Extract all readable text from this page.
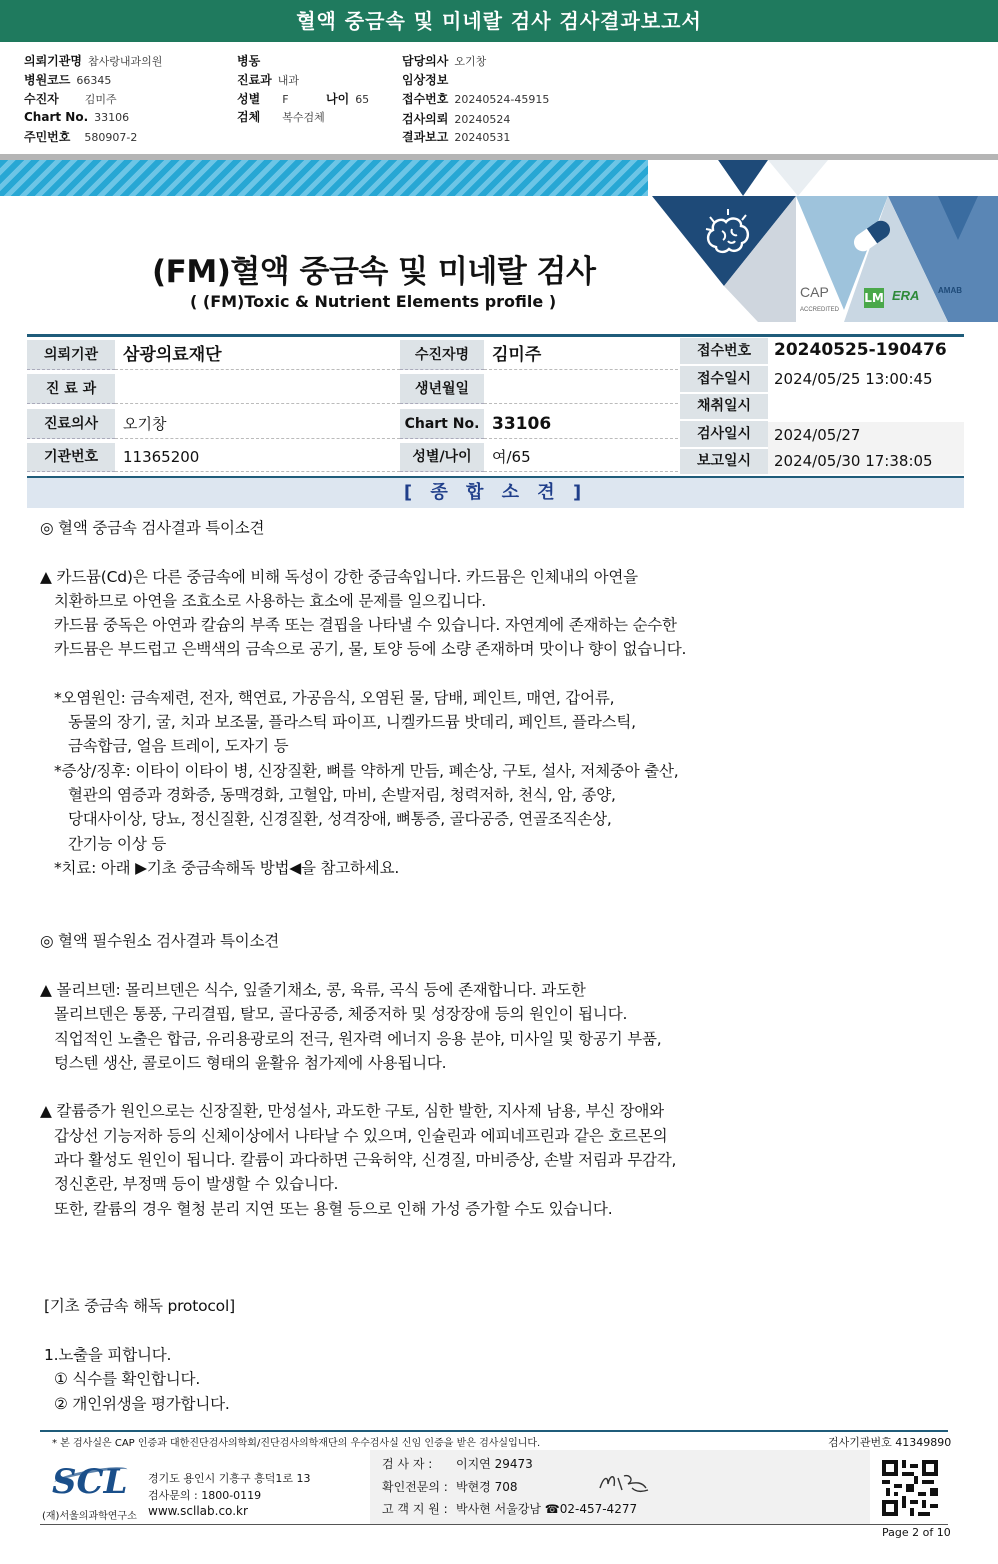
혈액 중금속 및 미네랄 검사 검사결과보고서
의뢰기관명 참사랑내과의원
병원코드 66345
수진자 김미주
Chart No. 33106
주민번호 580907-2
병동
진료과 내과
성별 F	나이 65
검체 복수검체
담당의사 오기창
임상정보
접수번호 20240524-45915
검사의뢰 20240524
결과보고 20240531
CAP
ACCREDITED
LM ERA AMAB
(FM)혈액 중금속 및 미네랄 검사
( (FM)Toxic & Nutrient Elements profile )
의뢰기관	삼광의료재단
진 료 과
진료의사	오기창
기관번호	11365200
수진자명	김미주
생년월일
Chart No. 33106
성별/나이	여/65
접수번호	20240525-190476
접수일시	2024/05/25 13:00:45
채취일시
검사일시	2024/05/27
보고일시	2024/05/30 17:38:05
[ 종 합 소 견 ]
◎ 혈액 중금속 검사결과 특이소견
▲ 카드뮴(Cd)은 다른 중금속에 비해 독성이 강한 중금속입니다. 카드뮴은 인체내의 아연을
치환하므로 아연을 조효소로 사용하는 효소에 문제를 일으킵니다.
카드뮴 중독은 아연과 칼슘의 부족 또는 결핍을 나타낼 수 있습니다. 자연계에 존재하는 순수한
카드뮴은 부드럽고 은백색의 금속으로 공기, 물, 토양 등에 소량 존재하며 맛이나 향이 없습니다.
*오염원인: 금속제련, 전자, 핵연료, 가공음식, 오염된 물, 담배, 페인트, 매연, 갑어류,
동물의 장기, 굴, 치과 보조물, 플라스틱 파이프, 니켈카드뮴 밧데리, 페인트, 플라스틱,
금속합금, 얼음 트레이, 도자기 등
*증상/징후: 이타이 이타이 병, 신장질환, 뼈를 약하게 만듬, 폐손상, 구토, 설사, 저체중아 출산,
혈관의 염증과 경화증, 동맥경화, 고혈압, 마비, 손발저림, 청력저하, 천식, 암, 종양,
당대사이상, 당뇨, 정신질환, 신경질환, 성격장애, 뼈통증, 골다공증, 연골조직손상,
간기능 이상 등
*치료: 아래 ▶기초 중금속해독 방법◀을 참고하세요.
◎ 혈액 필수원소 검사결과 특이소견
▲ 몰리브덴: 몰리브덴은 식수, 잎줄기채소, 콩, 육류, 곡식 등에 존재합니다. 과도한
몰리브덴은 통풍, 구리결핍, 탈모, 골다공증, 체중저하 및 성장장애 등의 원인이 됩니다.
직업적인 노출은 합금, 유리용광로의 전극, 원자력 에너지 응용 분야, 미사일 및 항공기 부품,
텅스텐 생산, 콜로이드 형태의 윤활유 첨가제에 사용됩니다.
▲ 칼륨증가 원인으로는 신장질환, 만성설사, 과도한 구토, 심한 발한, 지사제 남용, 부신 장애와
갑상선 기능저하 등의 신체이상에서 나타날 수 있으며, 인슐린과 에피네프린과 같은 호르몬의
과다 활성도 원인이 됩니다. 칼륨이 과다하면 근육허약, 신경질, 마비증상, 손발 저림과 무감각,
정신혼란, 부정맥 등이 발생할 수 있습니다.
또한, 칼륨의 경우 혈청 분리 지연 또는 용혈 등으로 인해 가성 증가할 수도 있습니다.
[기초 중금속 해독 protocol]
1.노출을 피합니다.
① 식수를 확인합니다.
② 개인위생을 평가합니다.
* 본 검사실은 CAP 인증과 대한진단검사의학회/진단검사의학재단의 우수검사실 신임 인증을 받은 검사실입니다.	검사기관번호 41349890
SCL
(재)서울의과학연구소
경기도 용인시 기흥구 흥덕1로 13
검사문의 : 1800-0119
www.scllab.co.kr
검 사 자 : 이지연 29473
확인전문의 : 박현경 708
고 객 지 원 : 박사현 서울강남 ☎02-457-4277
Page 2 of 10
